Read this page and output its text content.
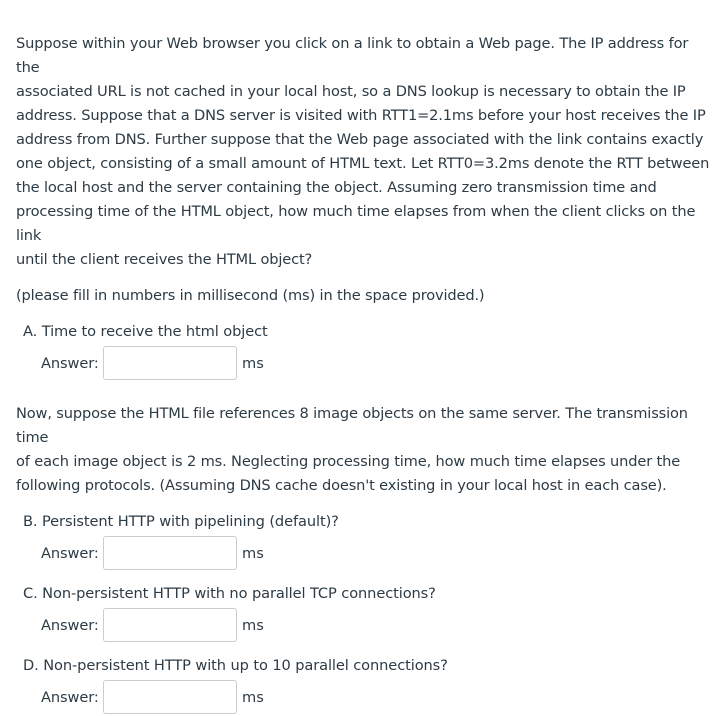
Suppose within your Web browser you click on a link to obtain a Web page. The IP address for the

associated URL is not cached in your local host, so a DNS lookup is necessary to obtain the IP

address. Suppose that a DNS server is visited with RTT1=2.1ms before your host receives the IP

address from DNS. Further suppose that the Web page associated with the link contains exactly

one object, consisting of a small amount of HTML text. Let RTT0=3.2ms denote the RTT between

the local host and the server containing the object. Assuming zero transmission time and

processing time of the HTML object, how much time elapses from when the client clicks on the link

until the client receives the HTML object?

(please fill in numbers in millisecond (ms) in the space provided.)

A. Time to receive the html object

Answer:	ms

Now, suppose the HTML file references 8 image objects on the same server. The transmission time

of each image object is 2 ms. Neglecting processing time, how much time elapses under the

following protocols. (Assuming DNS cache doesn't existing in your local host in each case).

B. Persistent HTTP with pipelining (default)?

Answer:	ms

C. Non-persistent HTTP with no parallel TCP connections?

Answer:	ms

D. Non-persistent HTTP with up to 10 parallel connections?

Answer:	ms
